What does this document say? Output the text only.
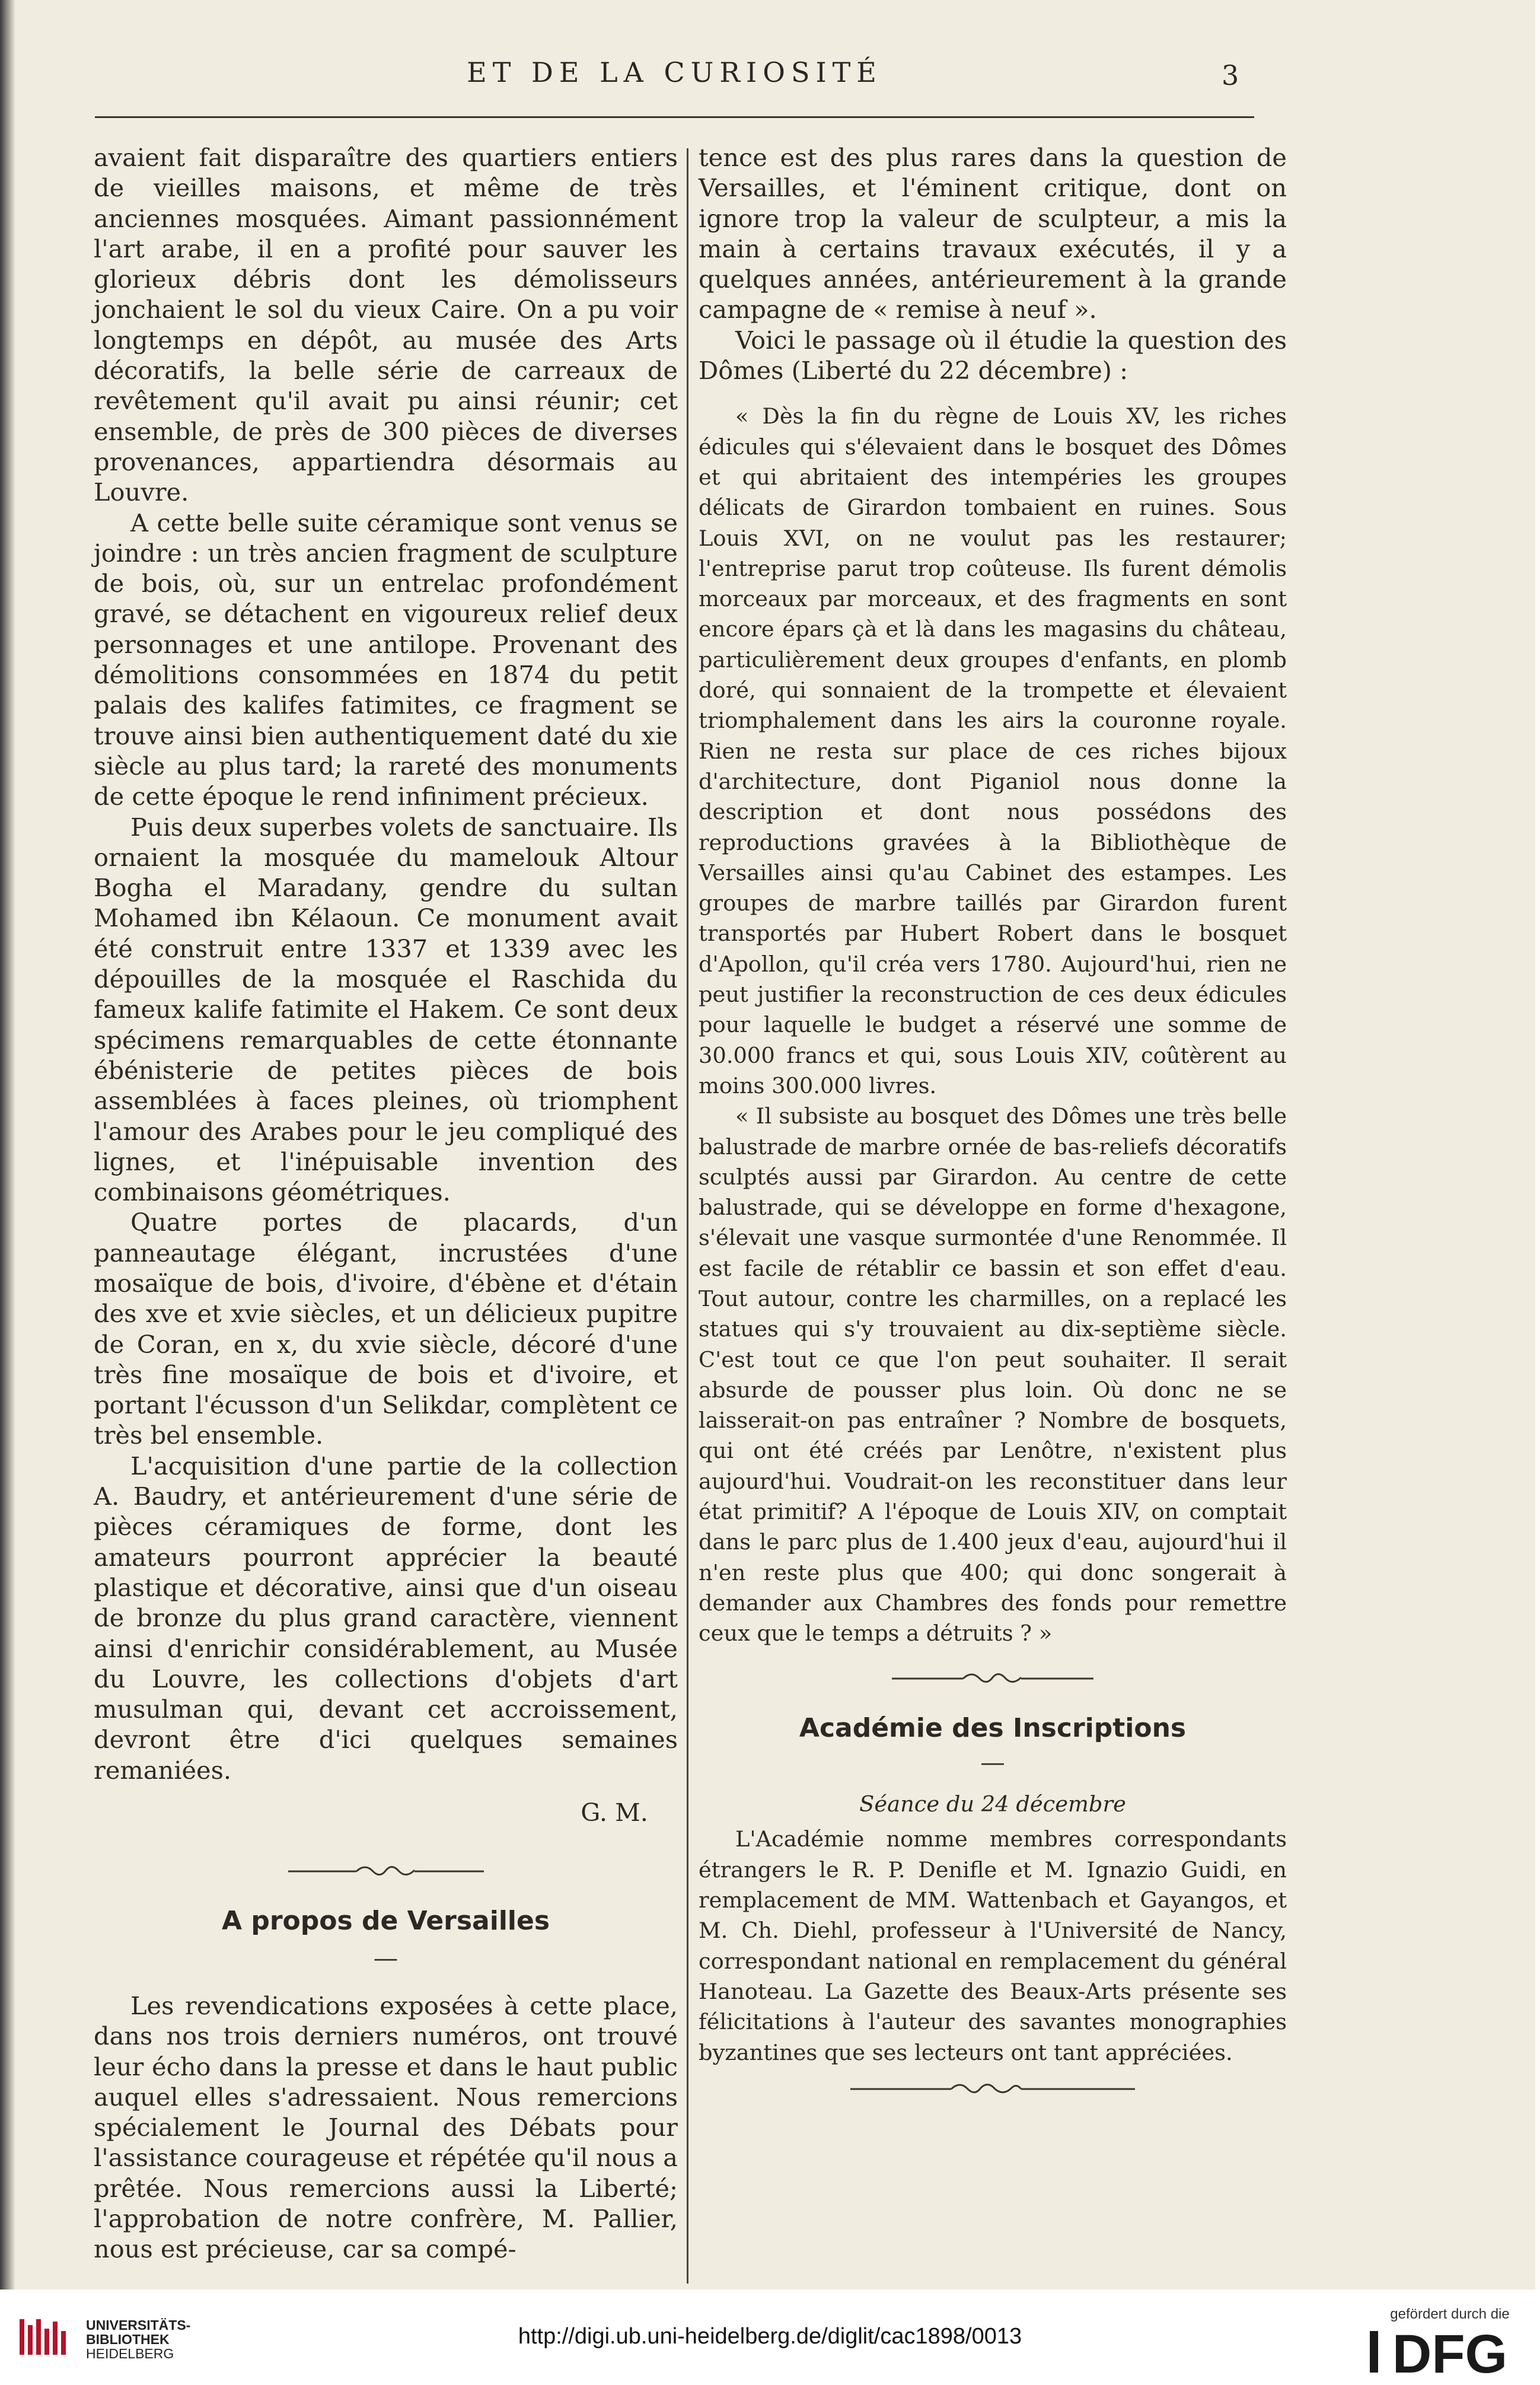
ET DE LA CURIOSITÉ	3

avaient fait disparaître des quartiers entiers de vieilles maisons, et même de très anciennes mosquées. Aimant passionnément l'art arabe, il en a profité pour sauver les glorieux débris dont les démolisseurs jonchaient le sol du vieux Caire. On a pu voir longtemps en dépôt, au musée des Arts décoratifs, la belle série de carreaux de revêtement qu'il avait pu ainsi réunir; cet ensemble, de près de 300 pièces de diverses provenances, appartiendra désormais au Louvre.

A cette belle suite céramique sont venus se joindre : un très ancien fragment de sculpture de bois, où, sur un entrelac profondément gravé, se détachent en vigoureux relief deux personnages et une antilope. Provenant des démolitions consommées en 1874 du petit palais des kalifes fatimites, ce fragment se trouve ainsi bien authentiquement daté du xie siècle au plus tard; la rareté des monuments de cette époque le rend infiniment précieux.

Puis deux superbes volets de sanctuaire. Ils ornaient la mosquée du mamelouk Altour Bogha el Maradany, gendre du sultan Mohamed ibn Kélaoun. Ce monument avait été construit entre 1337 et 1339 avec les dépouilles de la mosquée el Raschida du fameux kalife fatimite el Hakem. Ce sont deux spécimens remarquables de cette étonnante ébénisterie de petites pièces de bois assemblées à faces pleines, où triomphent l'amour des Arabes pour le jeu compliqué des lignes, et l'inépuisable invention des combinaisons géométriques.

Quatre portes de placards, d'un panneautage élégant, incrustées d'une mosaïque de bois, d'ivoire, d'ébène et d'étain des xve et xvie siècles, et un délicieux pupitre de Coran, en x, du xvie siècle, décoré d'une très fine mosaïque de bois et d'ivoire, et portant l'écusson d'un Selikdar, complètent ce très bel ensemble.

L'acquisition d'une partie de la collection A. Baudry, et antérieurement d'une série de pièces céramiques de forme, dont les amateurs pourront apprécier la beauté plastique et décorative, ainsi que d'un oiseau de bronze du plus grand caractère, viennent ainsi d'enrichir considérablement, au Musée du Louvre, les collections d'objets d'art musulman qui, devant cet accroissement, devront être d'ici quelques semaines remaniées.

G. M.

A propos de Versailles

—

Les revendications exposées à cette place, dans nos trois derniers numéros, ont trouvé leur écho dans la presse et dans le haut public auquel elles s'adressaient. Nous remercions spécialement le Journal des Débats pour l'assistance courageuse et répétée qu'il nous a prêtée. Nous remercions aussi la Liberté; l'approbation de notre confrère, M. Pallier, nous est précieuse, car sa compé-

tence est des plus rares dans la question de Versailles, et l'éminent critique, dont on ignore trop la valeur de sculpteur, a mis la main à certains travaux exécutés, il y a quelques années, antérieurement à la grande campagne de « remise à neuf ».

Voici le passage où il étudie la question des Dômes (Liberté du 22 décembre) :

« Dès la fin du règne de Louis XV, les riches édicules qui s'élevaient dans le bosquet des Dômes et qui abritaient des intempéries les groupes délicats de Girardon tombaient en ruines. Sous Louis XVI, on ne voulut pas les restaurer; l'entreprise parut trop coûteuse. Ils furent démolis morceaux par morceaux, et des fragments en sont encore épars çà et là dans les magasins du château, particulièrement deux groupes d'enfants, en plomb doré, qui sonnaient de la trompette et élevaient triomphalement dans les airs la couronne royale. Rien ne resta sur place de ces riches bijoux d'architecture, dont Piganiol nous donne la description et dont nous possédons des reproductions gravées à la Bibliothèque de Versailles ainsi qu'au Cabinet des estampes. Les groupes de marbre taillés par Girardon furent transportés par Hubert Robert dans le bosquet d'Apollon, qu'il créa vers 1780. Aujourd'hui, rien ne peut justifier la reconstruction de ces deux édicules pour laquelle le budget a réservé une somme de 30.000 francs et qui, sous Louis XIV, coûtèrent au moins 300.000 livres.

« Il subsiste au bosquet des Dômes une très belle balustrade de marbre ornée de bas-reliefs décoratifs sculptés aussi par Girardon. Au centre de cette balustrade, qui se développe en forme d'hexagone, s'élevait une vasque surmontée d'une Renommée. Il est facile de rétablir ce bassin et son effet d'eau. Tout autour, contre les charmilles, on a replacé les statues qui s'y trouvaient au dix-septième siècle. C'est tout ce que l'on peut souhaiter. Il serait absurde de pousser plus loin. Où donc ne se laisserait-on pas entraîner ? Nombre de bosquets, qui ont été créés par Lenôtre, n'existent plus aujourd'hui. Voudrait-on les reconstituer dans leur état primitif? A l'époque de Louis XIV, on comptait dans le parc plus de 1.400 jeux d'eau, aujourd'hui il n'en reste plus que 400; qui donc songerait à demander aux Chambres des fonds pour remettre ceux que le temps a détruits ? »

Académie des Inscriptions

—

Séance du 24 décembre

L'Académie nomme membres correspondants étrangers le R. P. Denifle et M. Ignazio Guidi, en remplacement de MM. Wattenbach et Gayangos, et M. Ch. Diehl, professeur à l'Université de Nancy, correspondant national en remplacement du général Hanoteau. La Gazette des Beaux-Arts présente ses félicitations à l'auteur des savantes monographies byzantines que ses lecteurs ont tant appréciées.

UNIVERSITÄTS-
BIBLIOTHEK
HEIDELBERG
http://digi.ub.uni-heidelberg.de/diglit/cac1898/0013
gefördert durch die
DFG
